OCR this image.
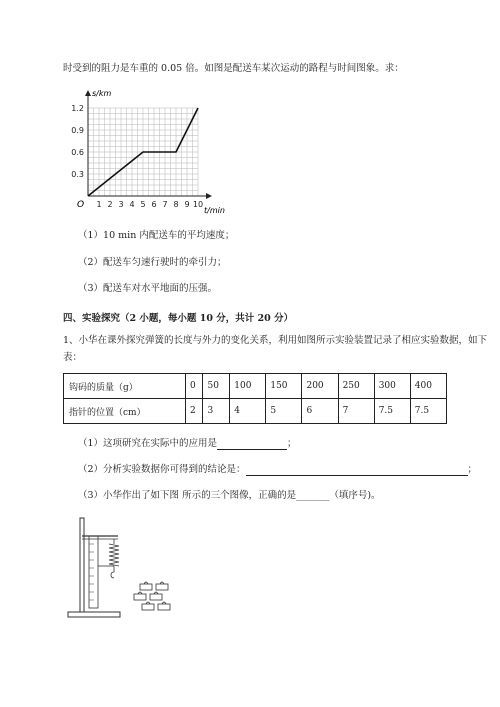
时受到的阻力是车重的 0.05 倍。如图是配送车某次运动的路程与时间图象。求：
1 2 3 4 5 6 7 8 9 10
0.3
0.6
0.9
1.2
s/km
t/min
O
（1）10 min 内配送车的平均速度；
（2）配送车匀速行驶时的牵引力；
（3）配送车对水平地面的压强。
四、实验探究（2 小题，每小题 10 分，共计 20 分）
1、小华在课外探究弹簧的长度与外力的变化关系，利用如图所示实验装置记录了相应实验数据，如下
表：
钩码的质量（g）	0	50	100	150	200	250	300	400
指针的位置（cm）	2	3	4	5	6	7	7.5	7.5
（1）这项研究在实际中的应用是	；
（2）分析实验数据你可得到的结论是：	；
（3）小华作出了如下图 所示的三个图像，正确的是_______（填序号)。
